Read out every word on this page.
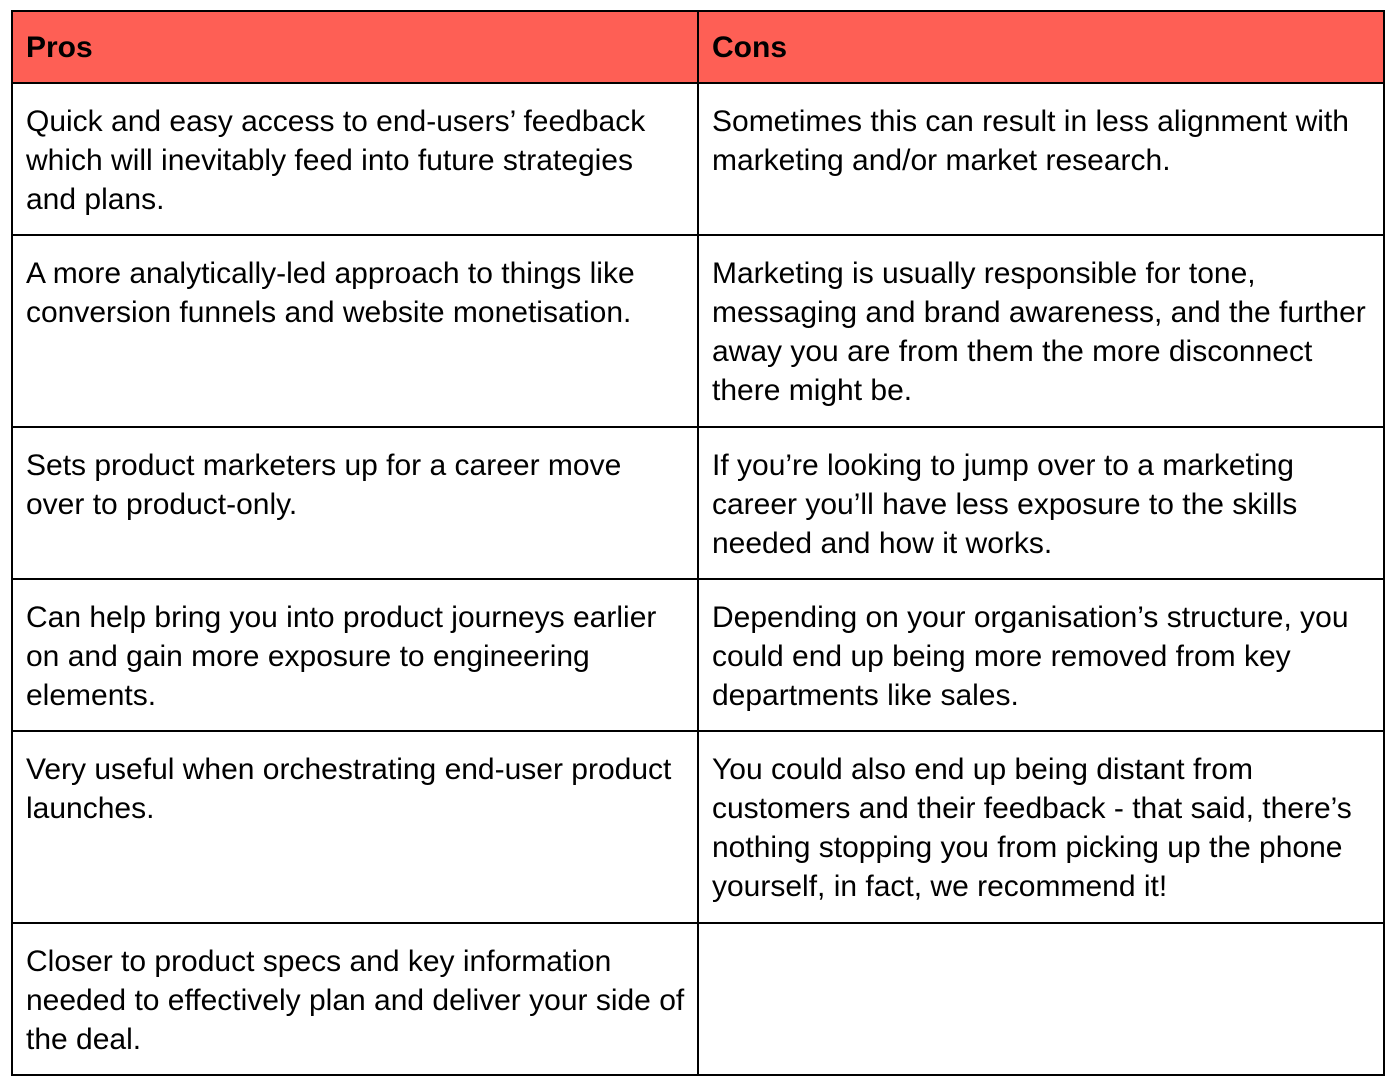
Pros	Cons
Quick and easy access to end-users’ feedback which will inevitably feed into future strategies and plans.	Sometimes this can result in less alignment with marketing and/or market research.
A more analytically-led approach to things like conversion funnels and website monetisation.	Marketing is usually responsible for tone, messaging and brand awareness, and the further away you are from them the more disconnect there might be.
Sets product marketers up for a career move over to product-only.	If you’re looking to jump over to a marketing career you’ll have less exposure to the skills needed and how it works.
Can help bring you into product journeys earlier on and gain more exposure to engineering elements.	Depending on your organisation’s structure, you could end up being more removed from key departments like sales.
Very useful when orchestrating end-user product launches.	You could also end up being distant from customers and their feedback - that said, there’s nothing stopping you from picking up the phone yourself, in fact, we recommend it!
Closer to product specs and key information needed to effectively plan and deliver your side of the deal.	
